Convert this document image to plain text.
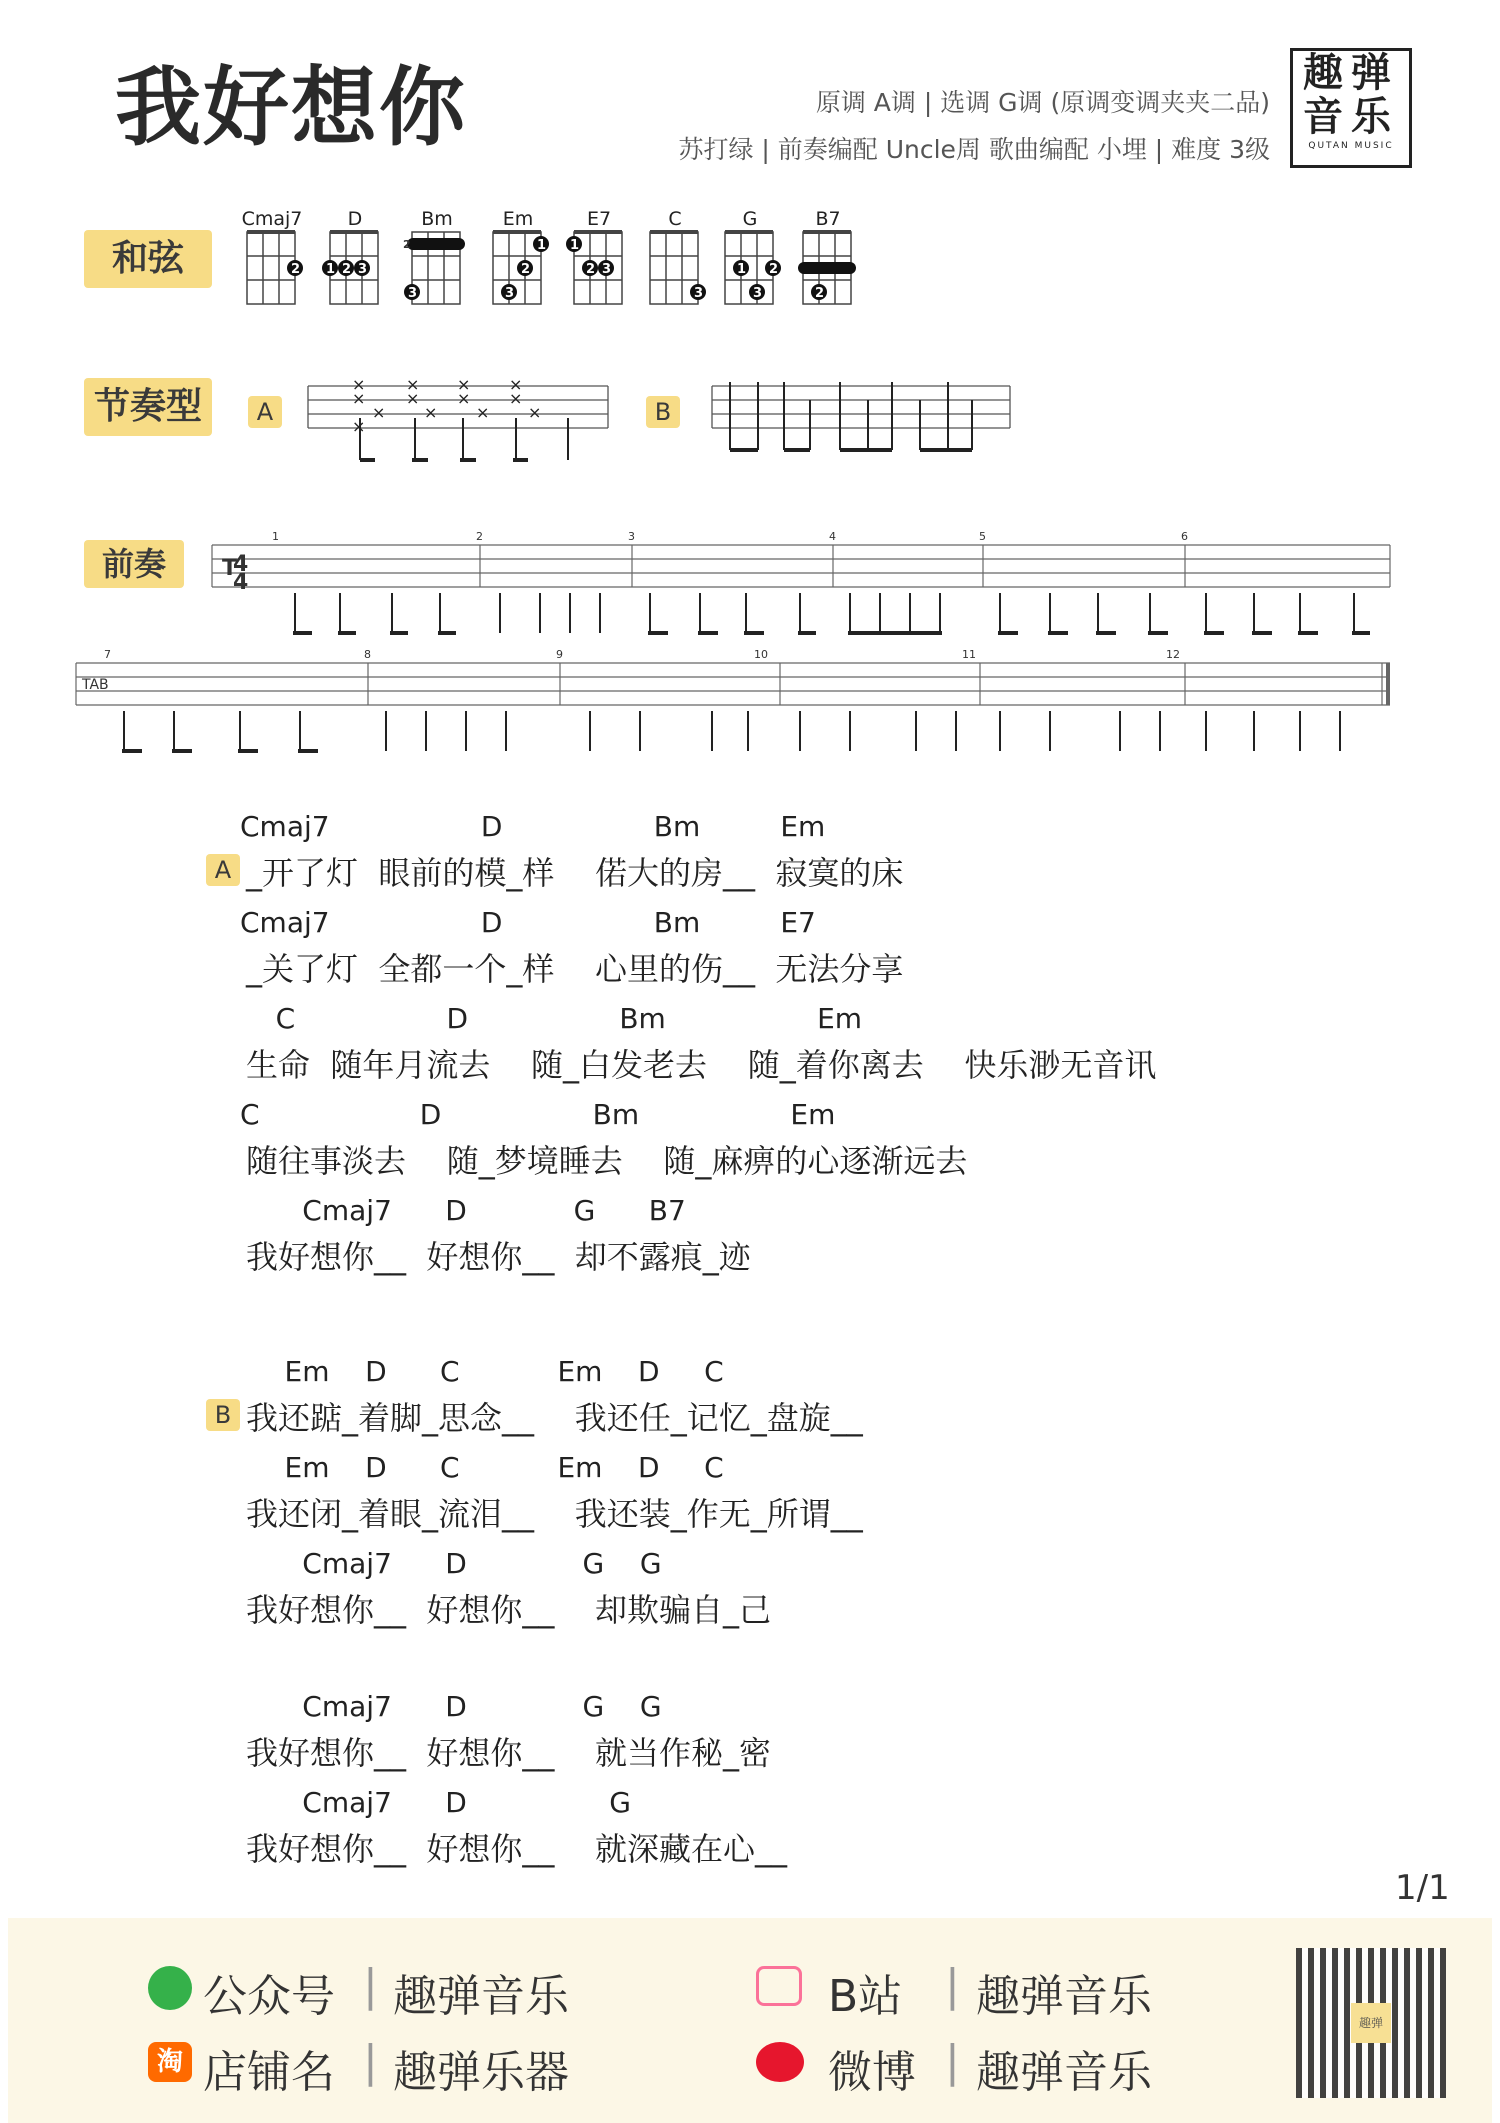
我好想你	原调 A调 | 选调 G调 (原调变调夹夹二品)
苏打绿 | 前奏编配 Uncle周 歌曲编配 小埋 | 难度 3级
趣弹
音乐
QUTAN MUSIC
和弦
节奏型
前奏
Cmaj7	D	Bm	Em	E7	C	G	B7
2 1 2 3
2
3
1
2
3
1
2 3
3
1 2
3	2
A	B
×
×
×
×
×
×
×
×
×
×
×
×
×
T
4
4
TAB
1	2	3	4	5	6
7	8	9	10	11	12
Cmaj7                 D                 Bm         Em
_开了灯  眼前的模_样    偌大的房__  寂寞的床
A
Cmaj7                 D                 Bm         E7
_关了灯  全都一个_样    心里的伤__  无法分享
C                 D                 Bm                 Em
生命  随年月流去    随_白发老去    随_着你离去    快乐渺无音讯
C                  D                 Bm                 Em
随往事淡去    随_梦境睡去    随_麻痹的心逐渐远去
Cmaj7      D            G      B7
我好想你__  好想你__  却不露痕_迹
Em    D      C           Em    D     C
我还踮_着脚_思念__    我还任_记忆_盘旋__
B
Em    D      C           Em    D     C
我还闭_着眼_流泪__    我还装_作无_所谓__
Cmaj7      D             G    G
我好想你__  好想你__    却欺骗自_己
Cmaj7      D             G    G
我好想你__  好想你__    就当作秘_密
Cmaj7      D                G
我好想你__  好想你__    就深藏在心__
1/1
公众号 | 趣弹音乐
淘 店铺名 | 趣弹乐器
B站 | 趣弹音乐
微博 | 趣弹音乐
趣弹
